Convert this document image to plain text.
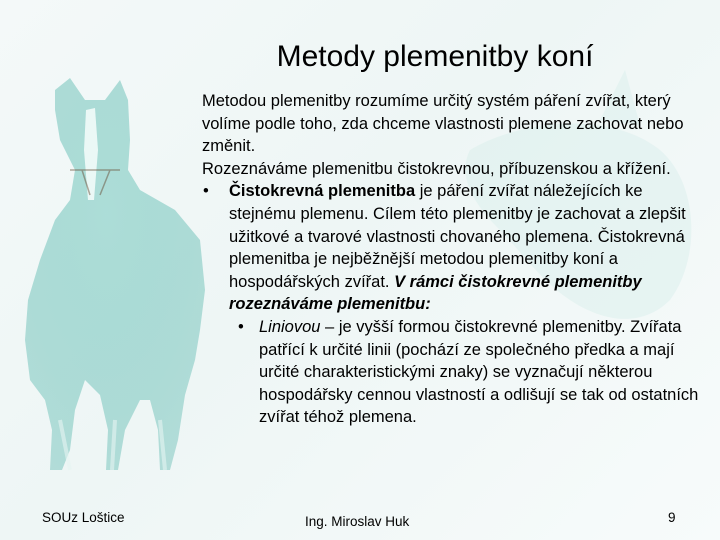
Metody plemenitby koní

Metodou plemenitby rozumíme určitý systém páření zvířat, který volíme podle toho, zda chceme vlastnosti plemene zachovat nebo změnit.

Rozeznáváme plemenitbu čistokrevnou, příbuzenskou a křížení.

• Čistokrevná plemenitba je páření zvířat náležejících ke stejnému plemenu. Cílem této plemenitby je zachovat a zlepšit užitkové a tvarové vlastnosti chovaného plemena. Čistokrevná plemenitba je nejběžnější metodou plemenitby koní a hospodářských zvířat. V rámci čistokrevné plemenitby rozeznáváme plemenitbu:

• Liniovou – je vyšší formou čistokrevné plemenitby. Zvířata patřící k určité linii (pochází ze společného předka a mají určité charakteristickými znaky) se vyznačují některou hospodářsky cennou vlastností a odlišují se tak od ostatních zvířat téhož plemena.

SOUz Loštice	Ing. Miroslav Huk	9
